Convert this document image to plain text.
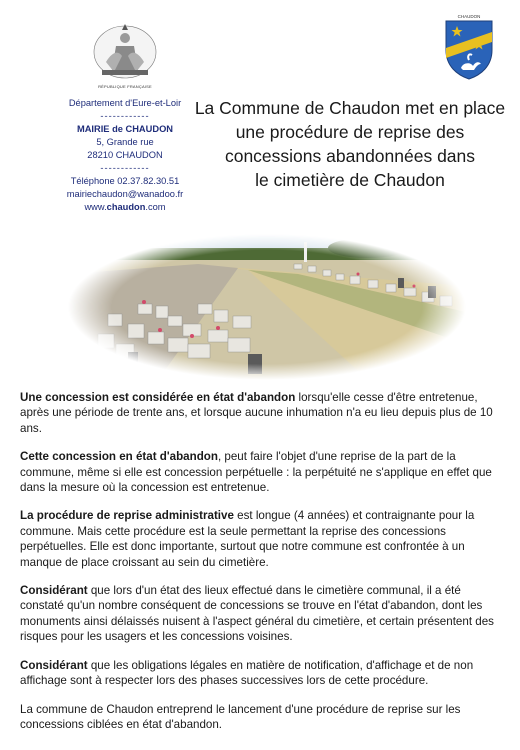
RÉPUBLIQUE FRANÇAISE
Département d'Eure-et-Loir
------------
MAIRIE de CHAUDON
5, Grande rue
28210 CHAUDON
------------
Téléphone 02.37.82.30.51
mairiechaudon@wanadoo.fr
www.chaudon.com
CHAUDON
La Commune de Chaudon met en place
une procédure de reprise des
concessions abandonnées dans
le cimetière de Chaudon

Une concession est considérée en état d'abandon lorsqu'elle cesse d'être entretenue, après une période de trente ans, et lorsque aucune inhumation n'a eu lieu depuis plus de 10 ans.

Cette concession en état d'abandon, peut faire l'objet d'une reprise de la part de la commune, même si elle est concession perpétuelle : la perpétuité ne s'applique en effet que dans la mesure où la concession est entretenue.

La procédure de reprise administrative est longue (4 années) et contraignante pour la commune. Mais cette procédure est la seule permettant la reprise des concessions perpétuelles. Elle est donc importante, surtout que notre commune est confrontée à un manque de place croissant au sein du cimetière.

Considérant que lors d'un état des lieux effectué dans le cimetière communal, il a été constaté qu'un nombre conséquent de concessions se trouve en l'état d'abandon, dont les monuments ainsi délaissés nuisent à l'aspect général du cimetière, et certain présentent des risques pour les usagers et les concessions voisines.

Considérant que les obligations légales en matière de notification, d'affichage et de non affichage sont à respecter lors des phases successives lors de cette procédure.

La commune de Chaudon entreprend le lancement d'une procédure de reprise sur les concessions ciblées en état d'abandon.
